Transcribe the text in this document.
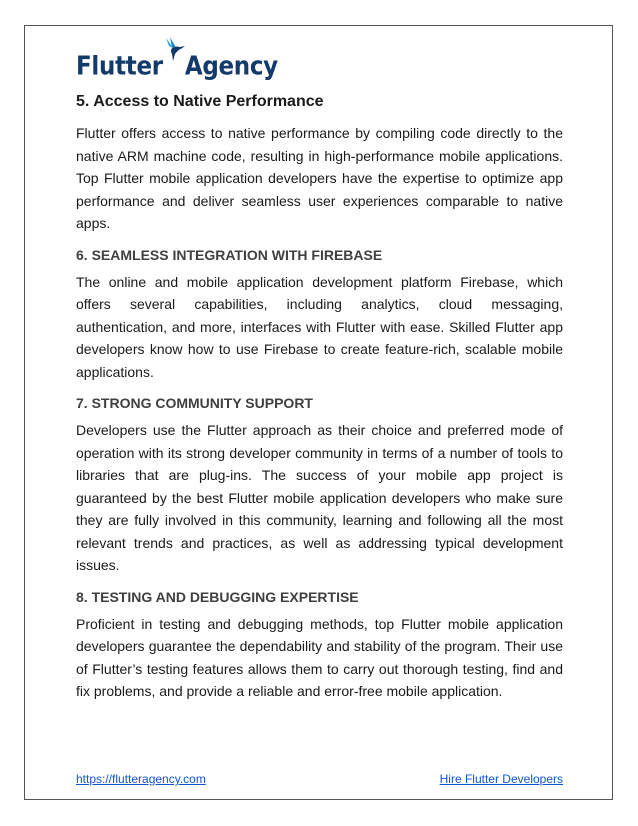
Flutter Agency
5. Access to Native Performance

Flutter offers access to native performance by compiling code directly to the native ARM machine code, resulting in high-performance mobile applications. Top Flutter mobile application developers have the expertise to optimize app performance and deliver seamless user experiences comparable to native apps.

6. SEAMLESS INTEGRATION WITH FIREBASE

The online and mobile application development platform Firebase, which offers several capabilities, including analytics, cloud messaging, authentication, and more, interfaces with Flutter with ease. Skilled Flutter app developers know how to use Firebase to create feature-rich, scalable mobile applications.

7. STRONG COMMUNITY SUPPORT

Developers use the Flutter approach as their choice and preferred mode of operation with its strong developer community in terms of a number of tools to libraries that are plug-ins. The success of your mobile app project is guaranteed by the best Flutter mobile application developers who make sure they are fully involved in this community, learning and following all the most relevant trends and practices, as well as addressing typical development issues.

8. TESTING AND DEBUGGING EXPERTISE

Proficient in testing and debugging methods, top Flutter mobile application developers guarantee the dependability and stability of the program. Their use of Flutter’s testing features allows them to carry out thorough testing, find and fix problems, and provide a reliable and error-free mobile application.

https://flutteragency.com	Hire Flutter Developers
